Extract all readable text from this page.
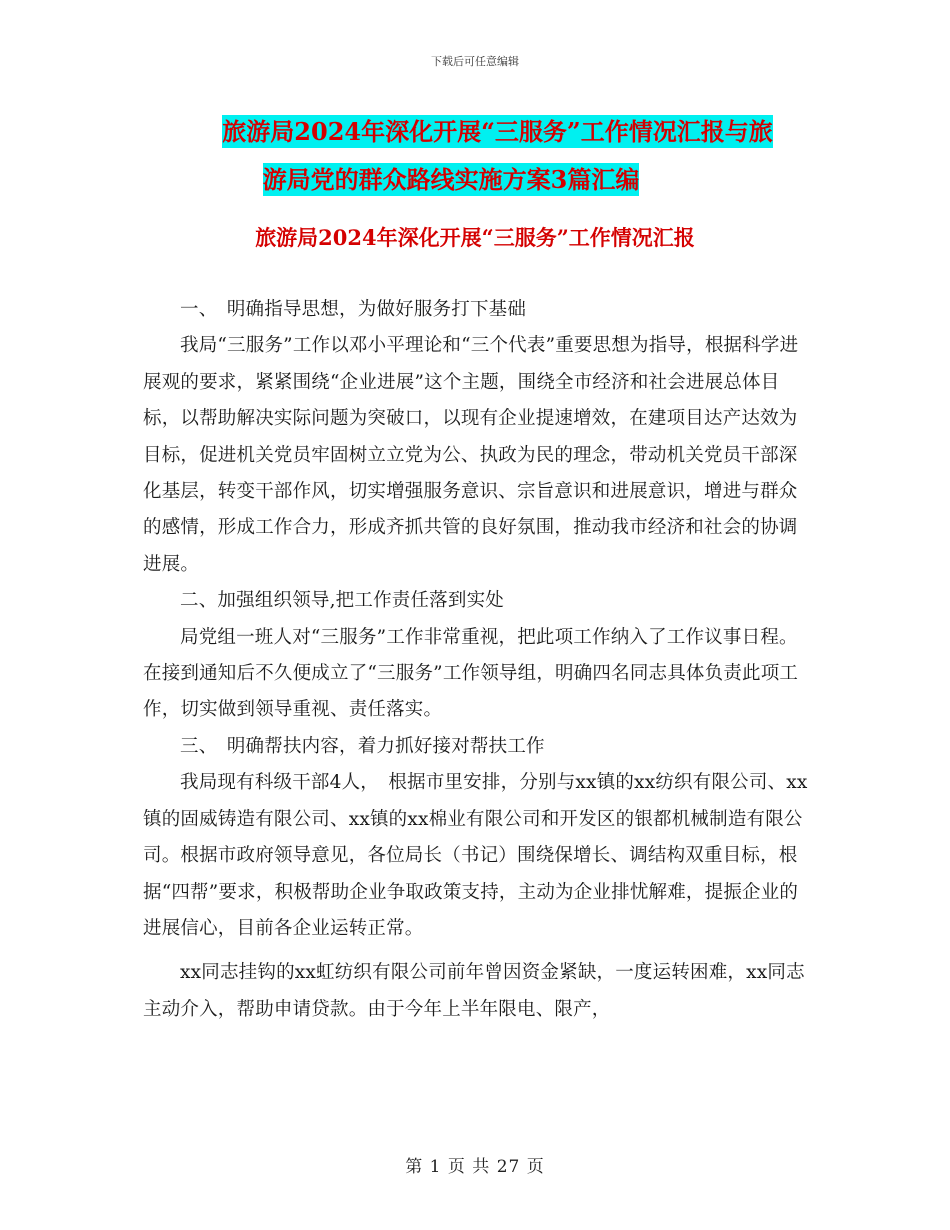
下载后可任意编辑
旅游局2024年深化开展“三服务”工作情况汇报与旅
游局党的群众路线实施方案3篇汇编
旅游局2024年深化开展“三服务”工作情况汇报

一、　明确指导思想，为做好服务打下基础

我局“三服务”工作以邓小平理论和“三个代表”重要思想为指导，根据科学进展观的要求，紧紧围绕“企业进展”这个主题，围绕全市经济和社会进展总体目标，以帮助解决实际问题为突破口，以现有企业提速增效，在建项目达产达效为目标，促进机关党员牢固树立立党为公、执政为民的理念，带动机关党员干部深化基层，转变干部作风，切实增强服务意识、宗旨意识和进展意识，增进与群众的感情，形成工作合力，形成齐抓共管的良好氛围，推动我市经济和社会的协调进展。

二、加强组织领导,把工作责任落到实处

局党组一班人对“三服务”工作非常重视，把此项工作纳入了工作议事日程。在接到通知后不久便成立了“三服务”工作领导组，明确四名同志具体负责此项工作，切实做到领导重视、责任落实。

三、　明确帮扶内容，着力抓好接对帮扶工作

我局现有科级干部4人，　根据市里安排，分别与xx镇的xx纺织有限公司、xx镇的固威铸造有限公司、xx镇的xx棉业有限公司和开发区的银都机械制造有限公司。根据市政府领导意见，各位局长（书记）围绕保增长、调结构双重目标，根据“四帮”要求，积极帮助企业争取政策支持，主动为企业排忧解难，提振企业的进展信心，目前各企业运转正常。

xx同志挂钩的xx虹纺织有限公司前年曾因资金紧缺，一度运转困难，xx同志主动介入，帮助申请贷款。由于今年上半年限电、限产，

第 1 页 共 27 页
